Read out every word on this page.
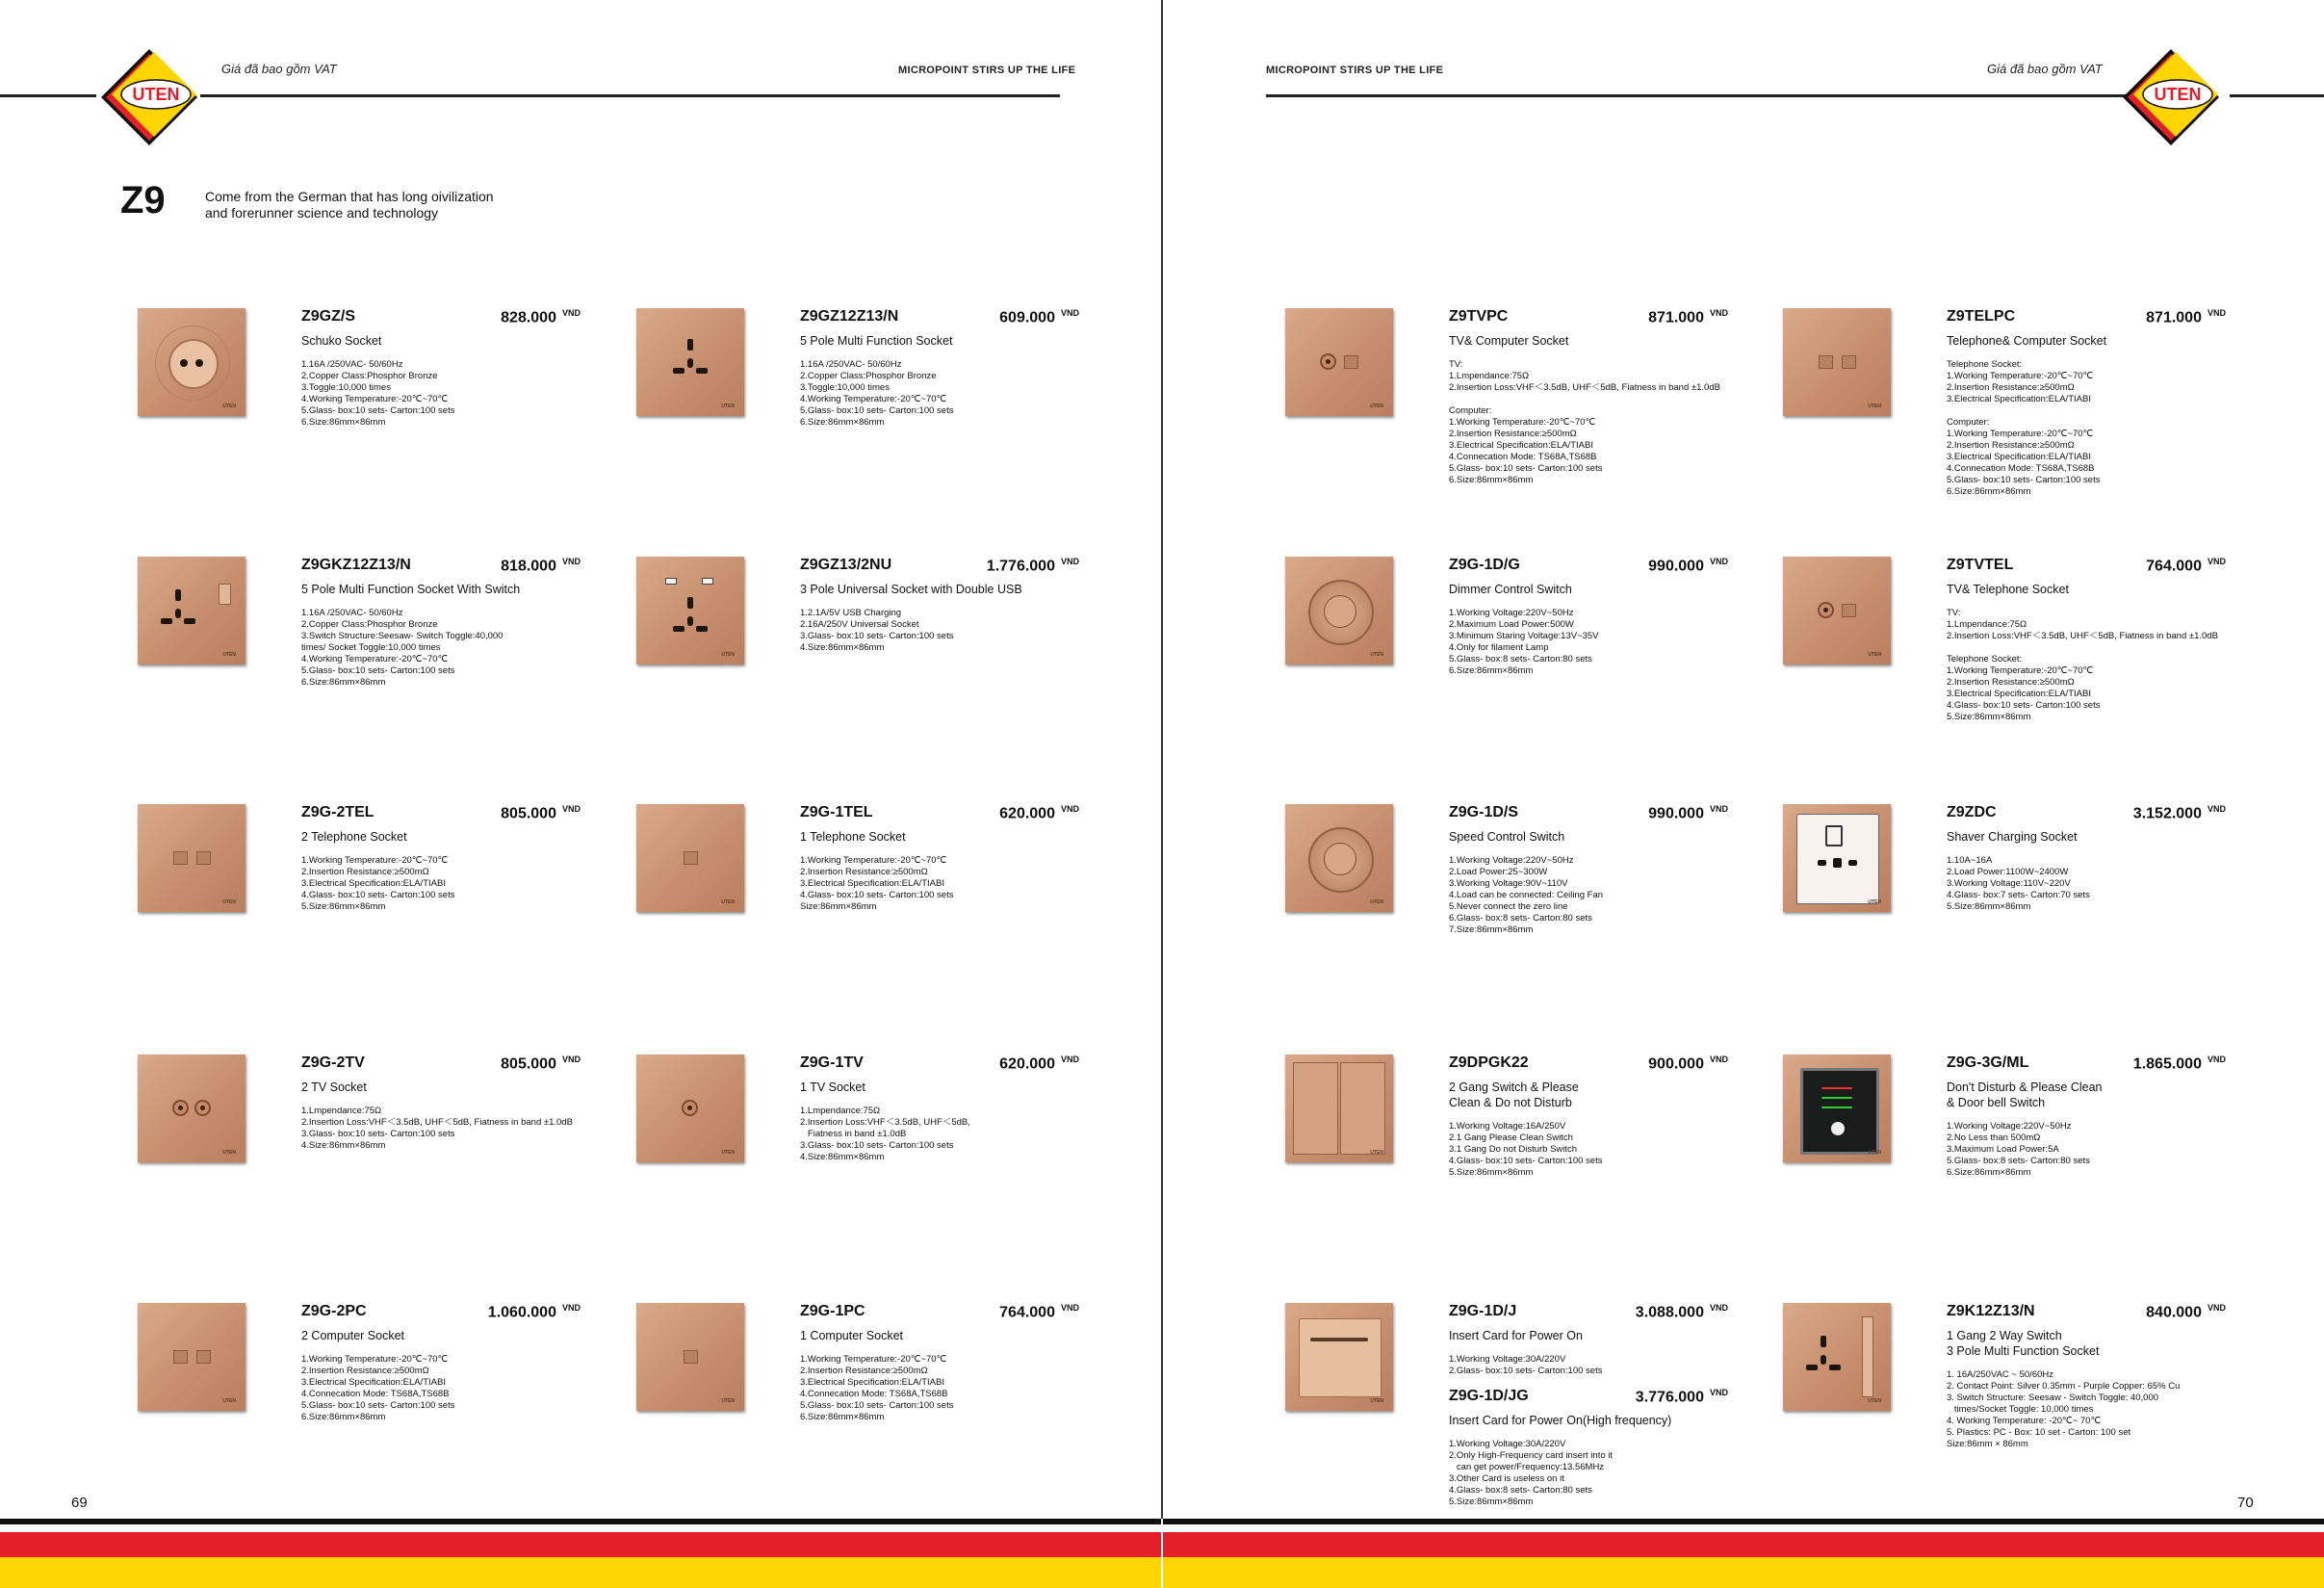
UTEN
Giá đã bao gồm VAT	MICROPOINT STIRS UP THE LIFE
Z9	Come from the German that has long oivilization
and forerunner science and technology
69
UTEN
MICROPOINT STIRS UP THE LIFE	Giá đã bao gồm VAT
70
UTEN
Z9GZ/S	828.000 $^{VND}$
Schuko Socket
1.16A /250VAC- 50/60Hz
2.Copper Class:Phosphor Bronze
3.Toggle:10,000 times
4.Working Temperature:-20℃~70℃
5.Glass- box:10 sets- Carton:100 sets
6.Size:86mm×86mm
UTEN
Z9GZ12Z13/N	609.000 $^{VND}$
5 Pole Multi Function Socket
1.16A /250VAC- 50/60Hz
2.Copper Class:Phosphor Bronze
3.Toggle:10,000 times
4.Working Temperature:-20℃~70℃
5.Glass- box:10 sets- Carton:100 sets
6.Size:86mm×86mm
UTEN
Z9GKZ12Z13/N	818.000 $^{VND}$
5 Pole Multi Function Socket With Switch
1.16A /250VAC- 50/60Hz
2.Copper Class:Phosphor Bronze
3.Switch Structure:Seesaw- Switch Toggle:40,000
times/ Socket Toggle:10,000 times
4.Working Temperature:-20℃~70℃
5.Glass- box:10 sets- Carton:100 sets
6.Size:86mm×86mm
UTEN
Z9GZ13/2NU	1.776.000 $^{VND}$
3 Pole Universal Socket with Double USB
1.2.1A/5V USB Charging
2.16A/250V Universal Socket
3.Glass- box:10 sets- Carton:100 sets
4.Size:86mm×86mm
UTEN
Z9G-2TEL	805.000 $^{VND}$
2 Telephone Socket
1.Working Temperature:-20℃~70℃
2.Insertion Resistance:≥500mΩ
3.Electrical Specification:ELA/TIABI
4.Glass- box:10 sets- Carton:100 sets
5.Size:86mm×86mm	UTEN
Z9G-1TEL	620.000 $^{VND}$
1 Telephone Socket
1.Working Temperature:-20℃~70℃
2.Insertion Resistance:≥500mΩ
3.Electrical Specification:ELA/TIABI
4.Glass- box:10 sets- Carton:100 sets
Size:86mm×86mm
UTEN
Z9G-2TV	805.000 $^{VND}$
2 TV Socket
1.Lmpendance:75Ω
2.Insertion Loss:VHF＜3.5dB, UHF＜5dB, Fiatness in band ±1.0dB
3.Glass- box:10 sets- Carton:100 sets
4.Size:86mm×86mm
UTEN
Z9G-1TV	620.000 $^{VND}$
1 TV Socket
1.Lmpendance:75Ω
2.Insertion Loss:VHF＜3.5dB, UHF＜5dB,
Fiatness in band ±1.0dB
3.Glass- box:10 sets- Carton:100 sets
4.Size:86mm×86mm
UTEN
Z9G-2PC	1.060.000 $^{VND}$
2 Computer Socket
1.Working Temperature:-20℃~70℃
2.Insertion Resistance:≥500mΩ
3.Electrical Specification:ELA/TIABI
4.Connecation Mode: TS68A,TS68B
5.Glass- box:10 sets- Carton:100 sets
6.Size:86mm×86mm
UTEN
Z9G-1PC	764.000 $^{VND}$
1 Computer Socket
1.Working Temperature:-20℃~70℃
2.Insertion Resistance:≥500mΩ
3.Electrical Specification:ELA/TIABI
4.Connecation Mode: TS68A,TS68B
5.Glass- box:10 sets- Carton:100 sets
6.Size:86mm×86mm
UTEN
Z9TVPC	871.000 $^{VND}$
TV& Computer Socket
TV:
1.Lmpendance:75Ω
2.Insertion Loss:VHF＜3.5dB, UHF＜5dB, Fiatness in band ±1.0dB
Computer:
1.Working Temperature:-20℃~70℃
2.Insertion Resistance:≥500mΩ
3.Electrical Specification:ELA/TIABI
4.Connecation Mode: TS68A,TS68B
5.Glass- box:10 sets- Carton:100 sets
6.Size:86mm×86mm
UTEN
Z9TELPC	871.000 $^{VND}$
Telephone& Computer Socket
Telephone Socket:
1.Working Temperature:-20℃~70℃
2.Insertion Resistance:≥500mΩ
3.Electrical Specification:ELA/TIABI
Computer:
1.Working Temperature:-20℃~70℃
2.Insertion Resistance:≥500mΩ
3.Electrical Specification:ELA/TIABI
4.Connecation Mode: TS68A,TS68B
5.Glass- box:10 sets- Carton:100 sets
6.Size:86mm×86mm
UTEN
Z9G-1D/G	990.000 $^{VND}$
Dimmer Control Switch
1.Working Voltage:220V~50Hz
2.Maximum Load Power:500W
3.Minimum Staring Voltage:13V~35V
4.Only for filament Lamp
5.Glass- box:8 sets- Carton:80 sets
6.Size:86mm×86mm
UTEN
Z9TVTEL	764.000 $^{VND}$
TV& Telephone Socket
TV:
1.Lmpendance:75Ω
2.Insertion Loss:VHF＜3.5dB, UHF＜5dB, Fiatness in band ±1.0dB
Telephone Socket:
1.Working Temperature:-20℃~70℃
2.Insertion Resistance:≥500mΩ
3.Electrical Specification:ELA/TIABI
4.Glass- box:10 sets- Carton:100 sets
5.Size:86mm×86mm
UTEN
Z9G-1D/S	990.000 $^{VND}$
Speed Control Switch
1.Working Voltage:220V~50Hz
2.Load Power:25~300W
3.Working Voltage:90V~110V
4.Load can be connected: Ceiling Fan
5.Never connect the zero line
6.Glass- box:8 sets- Carton:80 sets
7.Size:86mm×86mm
UTEN
Z9ZDC	3.152.000 $^{VND}$
Shaver Charging Socket
1.10A~16A
2.Load Power:1100W~2400W
3.Working Voltage:110V~220V
4.Glass- box:7 sets- Carton:70 sets
5.Size:86mm×86mm
UTEN
Z9DPGK22	900.000 $^{VND}$
2 Gang Switch & Please
Clean & Do not Disturb
1.Working Voltage:16A/250V
2.1 Gang Please Clean Switch
3.1 Gang Do not Disturb Switch
4.Glass- box:10 sets- Carton:100 sets
5.Size:86mm×86mm
UTEN
Z9G-3G/ML	1.865.000 $^{VND}$
Don't Disturb & Please Clean
& Door bell Switch
1.Working Voltage:220V~50Hz
2.No Less than 500mΩ
3.Maximum Load Power:5A
5.Glass- box:8 sets- Carton:80 sets
6.Size:86mm×86mm
UTEN
Z9G-1D/J	3.088.000 $^{VND}$
Insert Card for Power On
1.Working Voltage:30A/220V
2.Glass- box:10 sets- Carton:100 sets
Z9G-1D/JG	3.776.000 $^{VND}$
Insert Card for Power On(High frequency)
1.Working Voltage:30A/220V
2.Only High-Frequency card insert into it
can get power/Frequency:13.56MHz
3.Other Card is useless on it
4.Glass- box:8 sets- Carton:80 sets
5.Size:86mm×86mm
UTEN
Z9K12Z13/N	840.000 $^{VND}$
1 Gang 2 Way Switch
3 Pole Multi Function Socket
1. 16A/250VAC ~ 50/60Hz
2. Contact Point: Silver 0.35mm - Purple Copper: 65% Cu
3. Switch Structure: Seesaw - Switch Toggle: 40,000
times/Socket Toggle: 10,000 times
4. Working Temperature: -20℃~ 70℃
5. Plastics: PC - Box: 10 set - Carton: 100 set
Size:86mm × 86mm
